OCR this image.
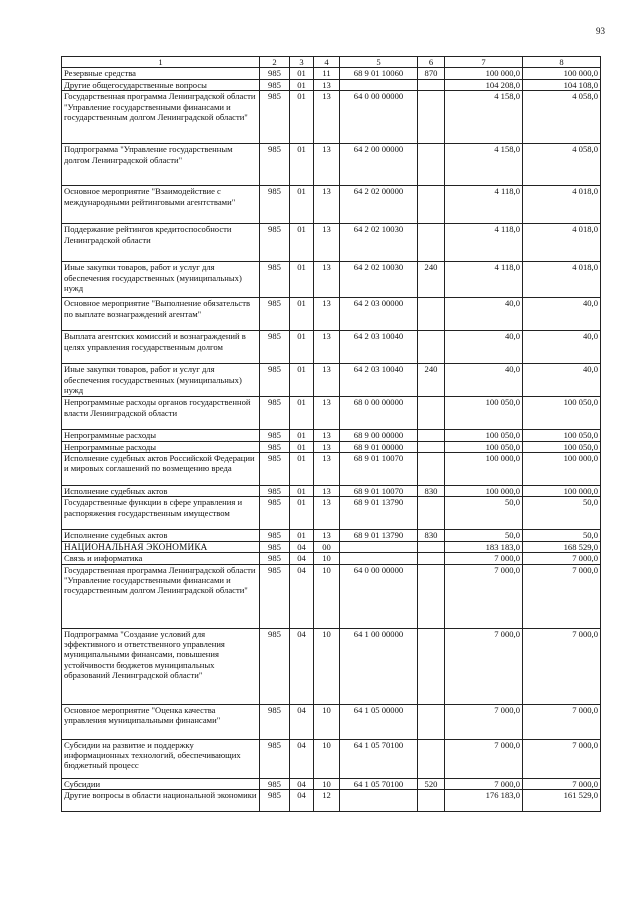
93
1	2	3	4	5	6	7	8
Резервные средства	985	01	11	68 9 01 10060	870	100 000,0	100 000,0
Другие общегосударственные вопросы	985	01	13			104 208,0	104 108,0
Государственная программа Ленинградской области "Управление государственными финансами и государственным долгом Ленинградской области"	985	01	13	64 0 00 00000		4 158,0	4 058,0
Подпрограмма "Управление государственным долгом Ленинградской области"	985	01	13	64 2 00 00000		4 158,0	4 058,0
Основное мероприятие "Взаимодействие с международными рейтинговыми агентствами"	985	01	13	64 2 02 00000		4 118,0	4 018,0
Поддержание рейтингов кредитоспособности Ленинградской области	985	01	13	64 2 02 10030		4 118,0	4 018,0
Иные закупки товаров, работ и услуг для обеспечения государственных (муниципальных) нужд	985	01	13	64 2 02 10030	240	4 118,0	4 018,0
Основное мероприятие "Выполнение обязательств по выплате вознаграждений агентам"	985	01	13	64 2 03 00000		40,0	40,0
Выплата агентских комиссий и вознаграждений в целях управления государственным долгом	985	01	13	64 2 03 10040		40,0	40,0
Иные закупки товаров, работ и услуг для обеспечения государственных (муниципальных) нужд	985	01	13	64 2 03 10040	240	40,0	40,0
Непрограммные расходы органов государственной власти Ленинградской области	985	01	13	68 0 00 00000		100 050,0	100 050,0
Непрограммные расходы	985	01	13	68 9 00 00000		100 050,0	100 050,0
Непрограммные расходы	985	01	13	68 9 01 00000		100 050,0	100 050,0
Исполнение судебных актов Российской Федерации и мировых соглашений по возмещению вреда	985	01	13	68 9 01 10070		100 000,0	100 000,0
Исполнение судебных актов	985	01	13	68 9 01 10070	830	100 000,0	100 000,0
Государственные функции в сфере управления и распоряжения государственным имуществом	985	01	13	68 9 01 13790		50,0	50,0
Исполнение судебных актов	985	01	13	68 9 01 13790	830	50,0	50,0
НАЦИОНАЛЬНАЯ ЭКОНОМИКА	985	04	00			183 183,0	168 529,0
Связь и информатика	985	04	10			7 000,0	7 000,0
Государственная программа Ленинградской области "Управление государственными финансами и государственным долгом Ленинградской области"	985	04	10	64 0 00 00000		7 000,0	7 000,0
Подпрограмма "Создание условий для эффективного и ответственного управления муниципальными финансами, повышения устойчивости бюджетов муниципальных образований Ленинградской области"	985	04	10	64 1 00 00000		7 000,0	7 000,0
Основное мероприятие "Оценка качества управления муниципальными финансами"	985	04	10	64 1 05 00000		7 000,0	7 000,0
Субсидии на развитие и поддержку информационных технологий, обеспечивающих бюджетный процесс	985	04	10	64 1 05 70100		7 000,0	7 000,0
Субсидии	985	04	10	64 1 05 70100	520	7 000,0	7 000,0
Другие вопросы в области национальной экономики	985	04	12			176 183,0	161 529,0
